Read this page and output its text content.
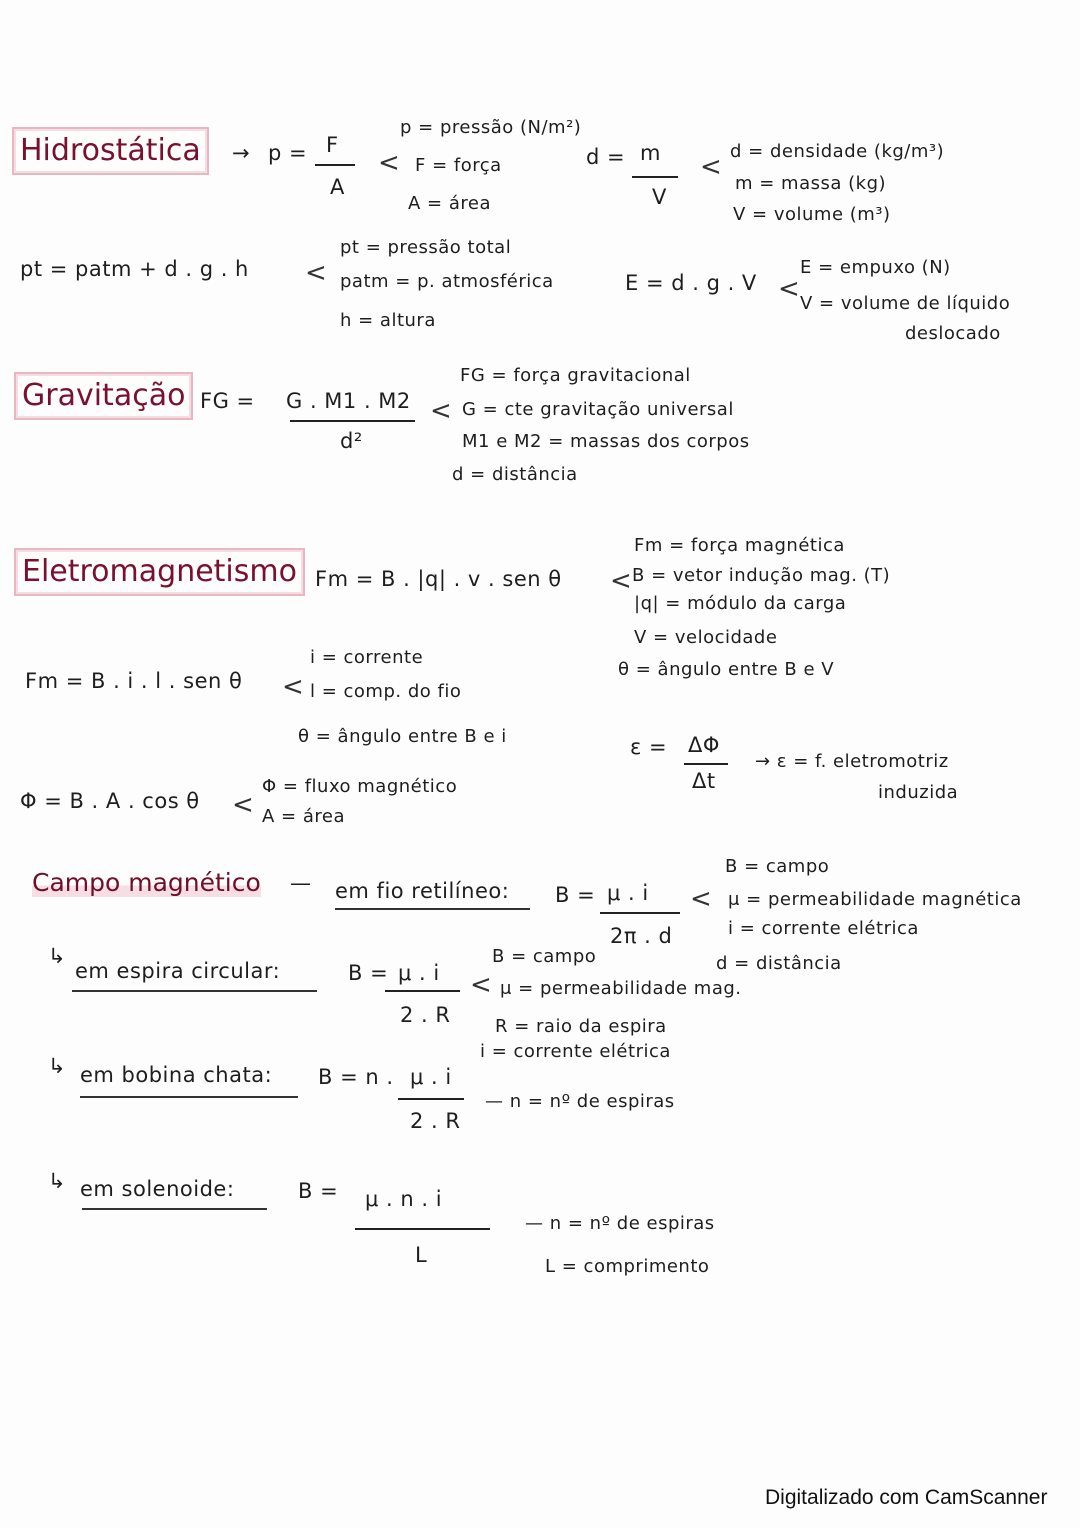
Hidrostática	→ p = F
A
<
p = pressão (N/m²)
F = força
A = área
d = m
V
<
d = densidade (kg/m³)
m = massa (kg)
V = volume (m³)
pt = patm + d . g . h <
pt = pressão total
patm = p. atmosférica
h = altura
E = d . g . V <
E = empuxo (N)
V = volume de líquido
deslocado
Gravitação FG = G . M1 . M2
d²
<
FG = força gravitacional
G = cte gravitação universal
M1 e M2 = massas dos corpos
d = distância
Eletromagnetismo Fm = B . |q| . v . sen θ <
Fm = força magnética
B = vetor indução mag. (T)
|q| = módulo da carga
V = velocidade
θ = ângulo entre B e V
Fm = B . i . l . sen θ <
i = corrente
l = comp. do fio
θ = ângulo entre B e i	ε = ΔΦ
Δt
→ ε = f. eletromotriz
induzida
Φ = B . A . cos θ <
Φ = fluxo magnético
A = área
Campo magnético — em fio retilíneo: B = μ . i
2π . d
<
B = campo
μ = permeabilidade magnética
i = corrente elétrica
d = distância
↳
em espira circular:	B = μ . i
2 . R
<
B = campo
μ = permeabilidade mag.
R = raio da espira
i = corrente elétrica
↳ em bobina chata: B = n . μ . i
2 . R
— n = nº de espiras
↳ em solenoide:	B = μ . n . i
L
— n = nº de espiras
L = comprimento
Digitalizado com CamScanner
